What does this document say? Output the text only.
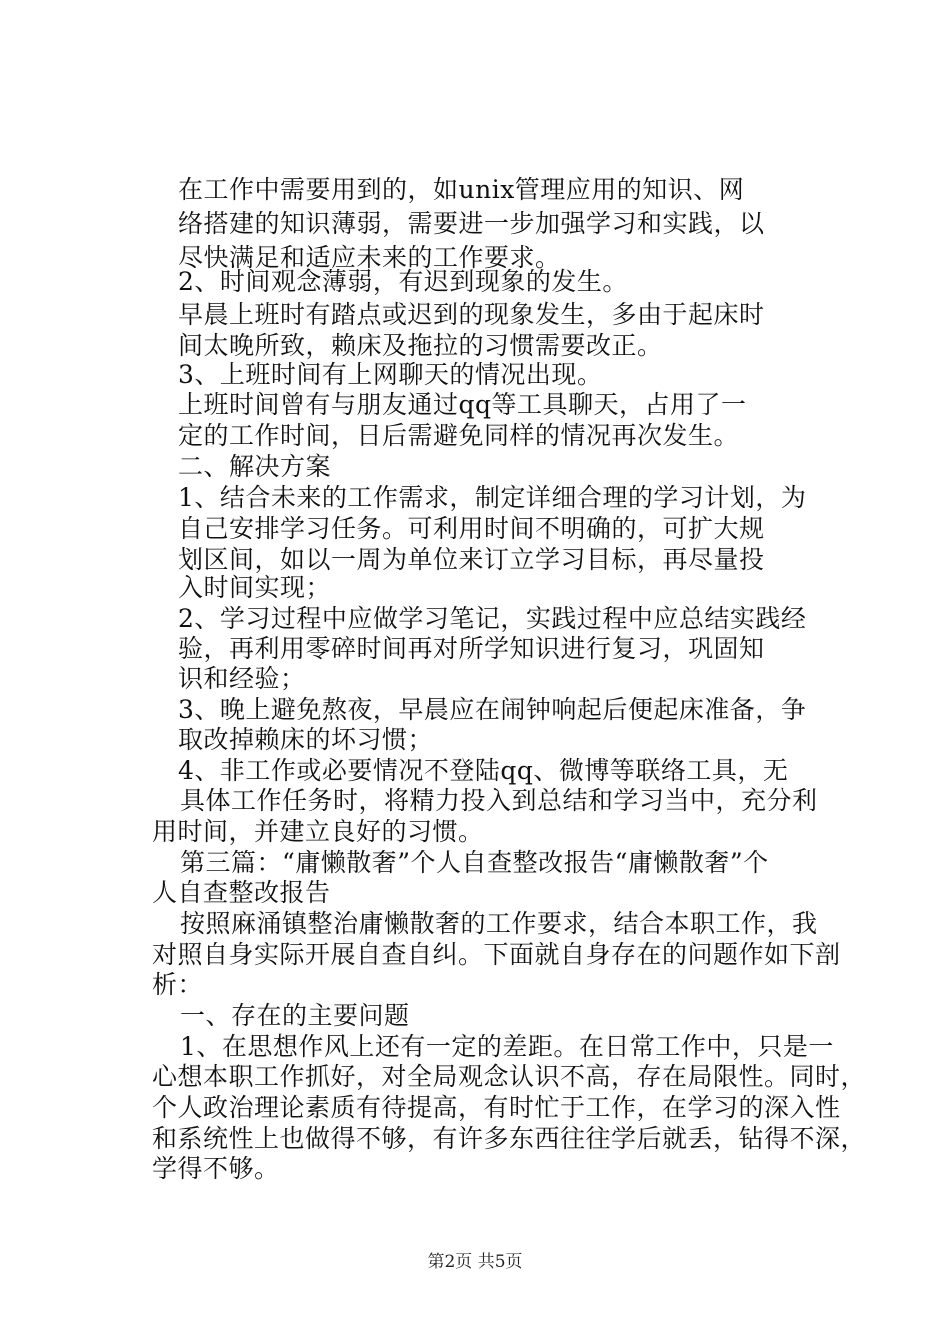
在工作中需要用到的，如unix管理应用的知识、网
络搭建的知识薄弱，需要进一步加强学习和实践，以
尽快满足和适应未来的工作要求。
2、时间观念薄弱，有迟到现象的发生。
早晨上班时有踏点或迟到的现象发生，多由于起床时
间太晚所致，赖床及拖拉的习惯需要改正。
3、上班时间有上网聊天的情况出现。
上班时间曾有与朋友通过qq等工具聊天，占用了一
定的工作时间，日后需避免同样的情况再次发生。
二、解决方案
1、结合未来的工作需求，制定详细合理的学习计划，为
自己安排学习任务。可利用时间不明确的，可扩大规
划区间，如以一周为单位来订立学习目标，再尽量投
入时间实现；
2、学习过程中应做学习笔记，实践过程中应总结实践经
验，再利用零碎时间再对所学知识进行复习，巩固知
识和经验；
3、晚上避免熬夜，早晨应在闹钟响起后便起床准备，争
取改掉赖床的坏习惯；
4、非工作或必要情况不登陆qq、微博等联络工具，无
具体工作任务时，将精力投入到总结和学习当中，充分利
用时间，并建立良好的习惯。
第三篇：“庸懒散奢”个人自查整改报告“庸懒散奢”个
人自查整改报告
按照麻涌镇整治庸懒散奢的工作要求，结合本职工作，我
对照自身实际开展自查自纠。下面就自身存在的问题作如下剖
析：
一、存在的主要问题
1、在思想作风上还有一定的差距。在日常工作中，只是一
心想本职工作抓好，对全局观念认识不高，存在局限性。同时，
个人政治理论素质有待提高，有时忙于工作，在学习的深入性
和系统性上也做得不够，有许多东西往往学后就丢，钻得不深，
学得不够。
第2页 共5页
